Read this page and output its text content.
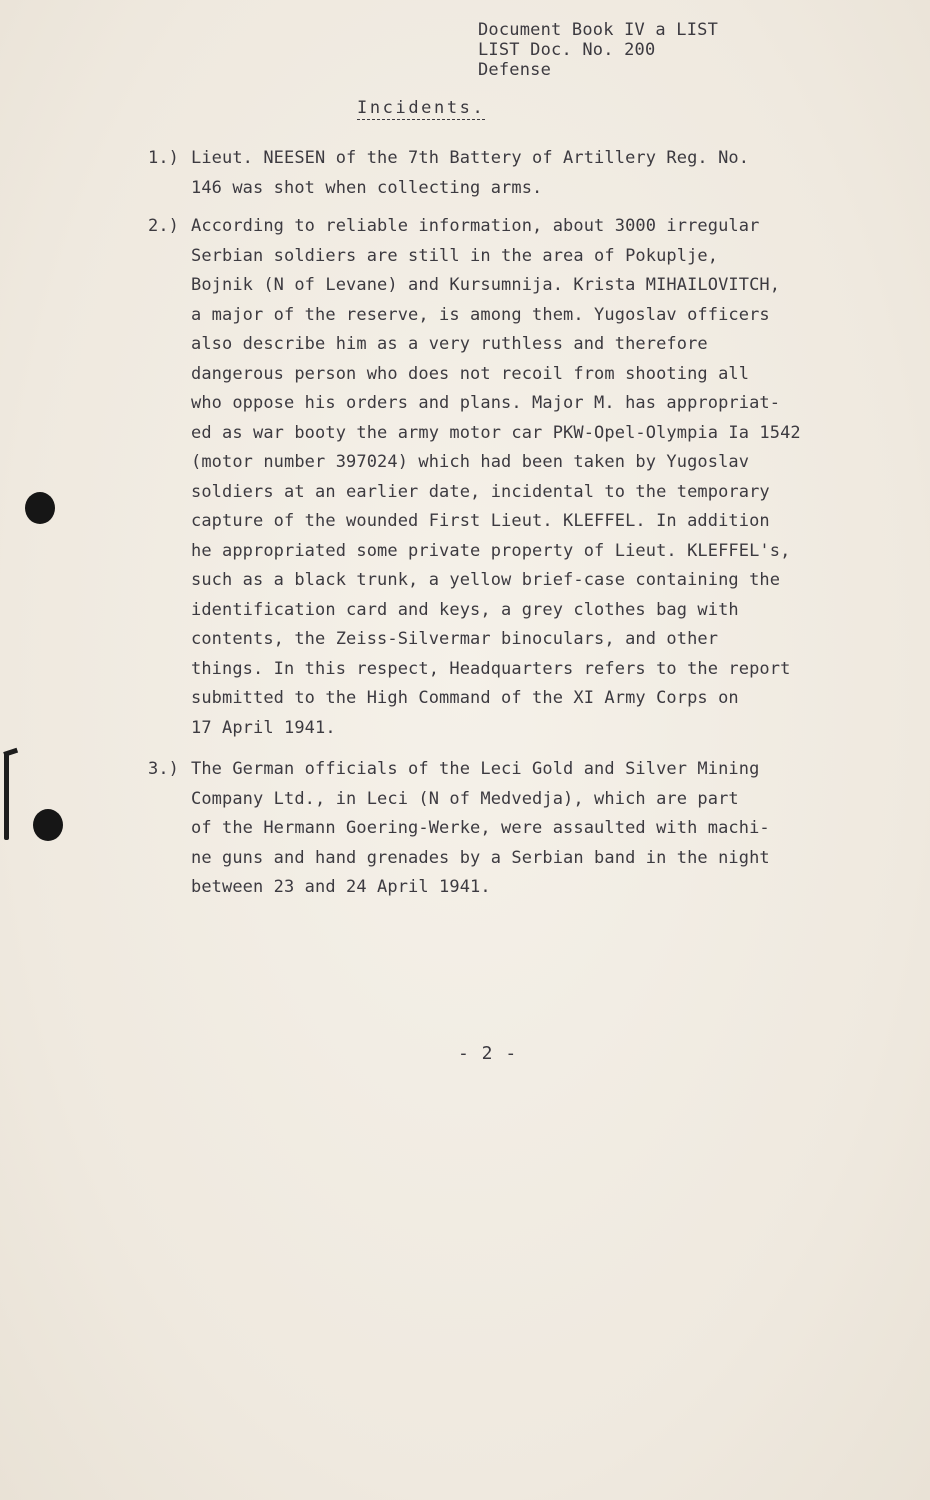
Document Book IV a LIST
LIST Doc. No. 200
Defense
Incidents.
1.) Lieut. NEESEN of the 7th Battery of Artillery Reg. No.
146 was shot when collecting arms.
2.) According to reliable information, about 3000 irregular
Serbian soldiers are still in the area of Pokuplje,
Bojnik (N of Levane) and Kursumnija. Krista MIHAILOVITCH,
a major of the reserve, is among them. Yugoslav officers
also describe him as a very ruthless and therefore
dangerous person who does not recoil from shooting all
who oppose his orders and plans. Major M. has appropriat-
ed as war booty the army motor car PKW-Opel-Olympia Ia 1542
(motor number 397024) which had been taken by Yugoslav
soldiers at an earlier date, incidental to the temporary
capture of the wounded First Lieut. KLEFFEL. In addition
he appropriated some private property of Lieut. KLEFFEL's,
such as a black trunk, a yellow brief-case containing the
identification card and keys, a grey clothes bag with
contents, the Zeiss-Silvermar binoculars, and other
things. In this respect, Headquarters refers to the report
submitted to the High Command of the XI Army Corps on
17 April 1941.
3.) The German officials of the Leci Gold and Silver Mining
Company Ltd., in Leci (N of Medvedja), which are part
of the Hermann Goering-Werke, were assaulted with machi-
ne guns and hand grenades by a Serbian band in the night
between 23 and 24 April 1941.
- 2 -
